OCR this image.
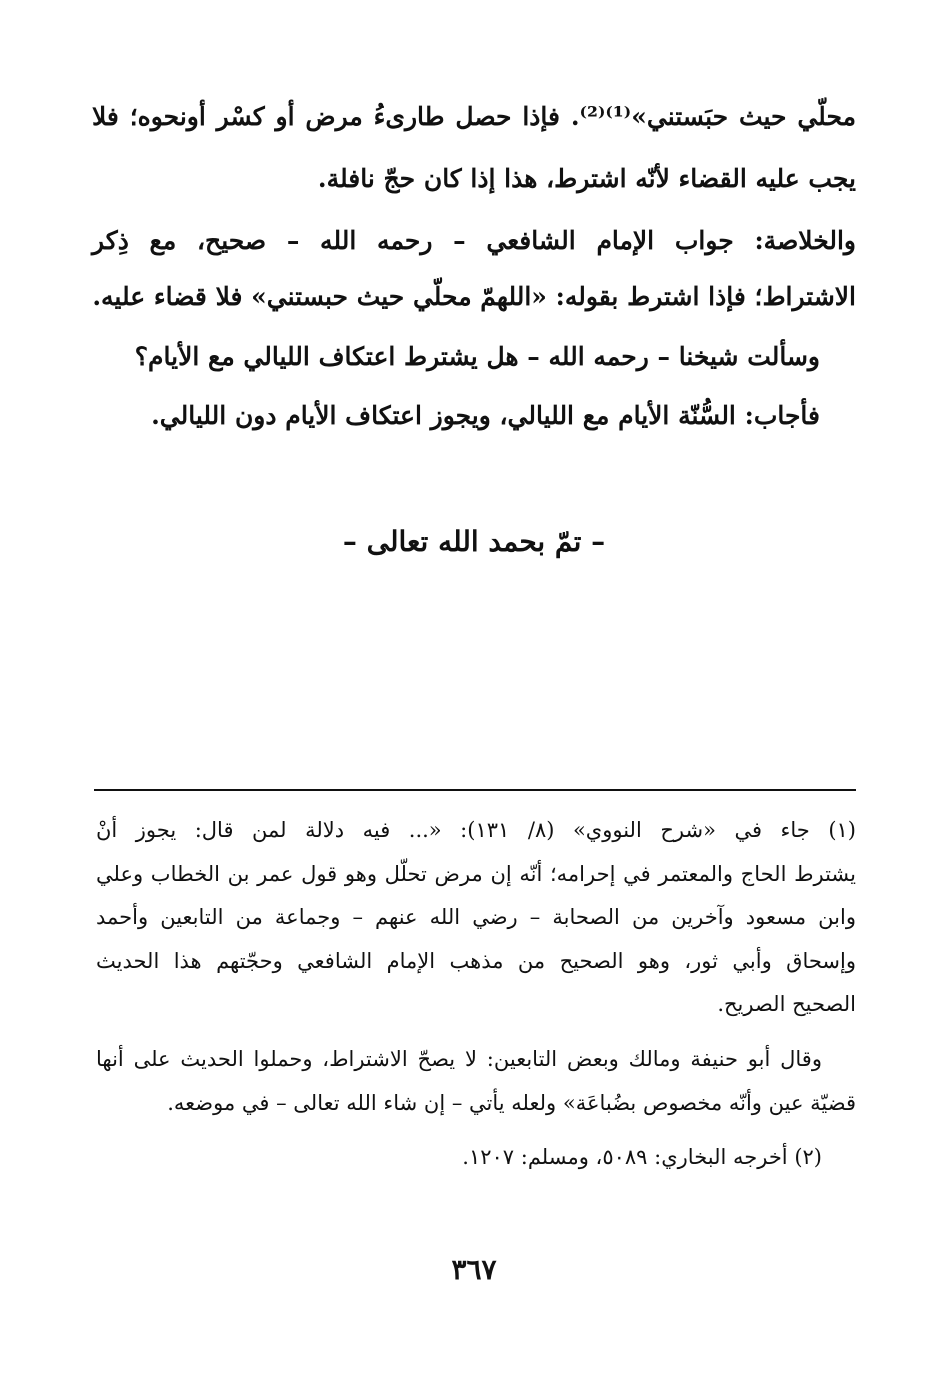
محلّي حيث حبَستني»⁽¹⁾⁽²⁾. فإذا حصل طارىءُ مرض أو كسْر أونحوه؛ فلا
يجب عليه القضاء لأنّه اشترط، هذا إذا كان حجّ نافلة.
والخلاصة: جواب الإمام الشافعي – رحمه الله – صحيح، مع ذِكر
الاشتراط؛ فإذا اشترط بقوله: «اللهمّ محلّي حيث حبستني» فلا قضاء عليه.
وسألت شيخنا – رحمه الله – هل يشترط اعتكاف الليالي مع الأيام؟
فأجاب: السُّنّة الأيام مع الليالي، ويجوز اعتكاف الأيام دون الليالي.
– تمّ بحمد الله تعالى –
(١) جاء في «شرح النووي» (٨/ ١٣١): «... فيه دلالة لمن قال: يجوز أنْ
يشترط الحاج والمعتمر في إحرامه؛ أنّه إن مرض تحلّل وهو قول عمر بن الخطاب وعلي
وابن مسعود وآخرين من الصحابة – رضي الله عنهم – وجماعة من التابعين وأحمد
وإسحاق وأبي ثور، وهو الصحيح من مذهب الإمام الشافعي وحجّتهم هذا الحديث
الصحيح الصريح.
وقال أبو حنيفة ومالك وبعض التابعين: لا يصحّ الاشتراط، وحملوا الحديث على أنها
قضيّة عين وأنّه مخصوص بضُباعَة» ولعله يأتي – إن شاء الله تعالى – في موضعه.
(٢) أخرجه البخاري: ٥٠٨٩، ومسلم: ١٢٠٧.
٣٦٧
